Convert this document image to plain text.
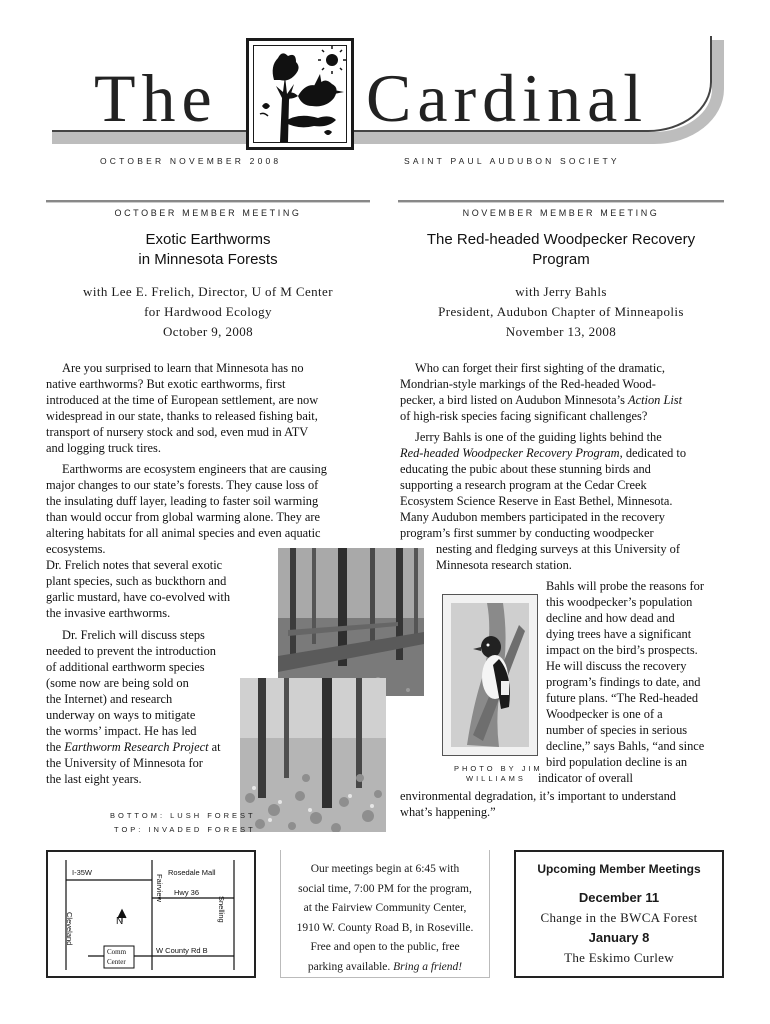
The Cardinal
OCTOBER NOVEMBER 2008	SAINT PAUL AUDUBON SOCIETY
OCTOBER MEMBER MEETING	NOVEMBER MEMBER MEETING
Exotic Earthworms
in Minnesota Forests
with Lee E. Frelich, Director, U of M Center
for Hardwood Ecology
October 9, 2008
Are you surprised to learn that Minnesota has no
native earthworms? But exotic earthworms, first
introduced at the time of European settlement, are now
widespread in our state, thanks to released fishing bait,
transport of nursery stock and sod, even mud in ATV
and logging truck tires.
Earthworms are ecosystem engineers that are causing
major changes to our state’s forests. They cause loss of
the insulating duff layer, leading to faster soil warming
than would occur from global warming alone. They are
altering habitats for all animal species and even aquatic
ecosystems.
Dr. Frelich notes that several exotic
plant species, such as buckthorn and
garlic mustard, have co-evolved with
the invasive earthworms.
Dr. Frelich will discuss steps
needed to prevent the introduction
of additional earthworm species
(some now are being sold on
the Internet) and research
underway on ways to mitigate
the worms’ impact. He has led
the Earthworm Research Project at
the University of Minnesota for
the last eight years.
BOTTOM: LUSH FOREST
TOP: INVADED FOREST
The Red-headed Woodpecker Recovery
Program
with Jerry Bahls
President, Audubon Chapter of Minneapolis
November 13, 2008
Who can forget their first sighting of the dramatic,
Mondrian-style markings of the Red-headed Wood-
pecker, a bird listed on Audubon Minnesota’s Action List
of high-risk species facing significant challenges?
Jerry Bahls is one of the guiding lights behind the
Red-headed Woodpecker Recovery Program, dedicated to
educating the pubic about these stunning birds and
supporting a research program at the Cedar Creek
Ecosystem Science Reserve in East Bethel, Minnesota.
Many Audubon members participated in the recovery
program’s first summer by conducting woodpecker
nesting and fledging surveys at this University of
Minnesota research station.
Bahls will probe the reasons for
this woodpecker’s population
decline and how dead and
dying trees have a significant
impact on the bird’s prospects.
He will discuss the recovery
program’s findings to date, and
future plans. “The Red-headed
Woodpecker is one of a
number of species in serious
decline,” says Bahls, “and since
bird population decline is an
indicator of overall
environmental degradation, it’s important to understand
what’s happening.”
PHOTO BY JIM
WILLIAMS
I-35W	Rosedale Mall
Hwy 36
Cleveland
Fairview
Snelling
N
Comm
Center
W County Rd B
Our meetings begin at 6:45 with
social time, 7:00 PM for the program,
at the Fairview Community Center,
1910 W. County Road B, in Roseville.
Free and open to the public, free
parking available. Bring a friend!
Upcoming Member Meetings
December 11
Change in the BWCA Forest
January 8
The Eskimo Curlew
